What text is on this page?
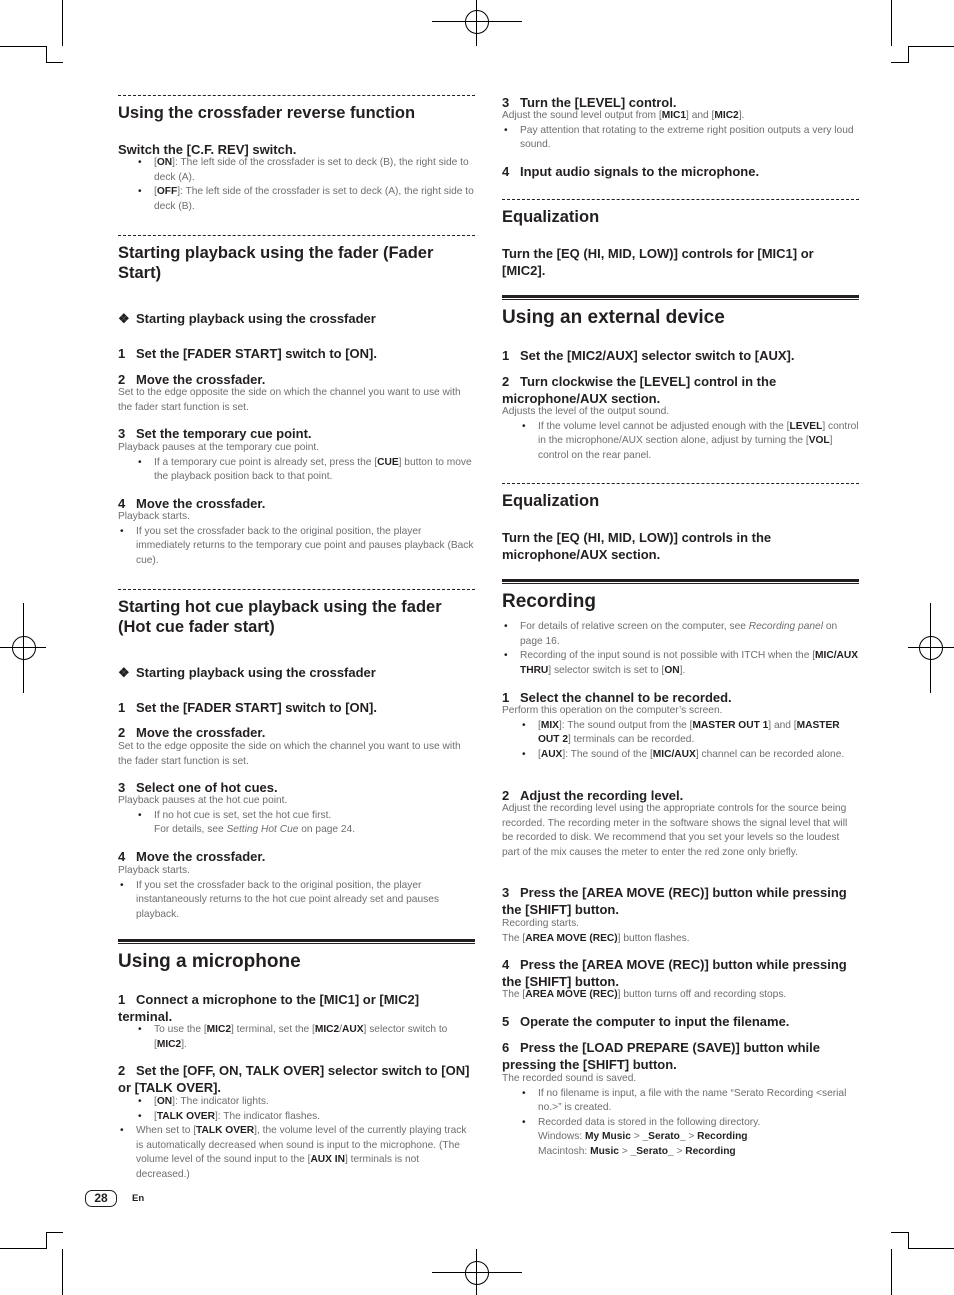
Using the crossfader reverse function
Switch the [C.F. REV] switch.
• [ON]: The left side of the crossfader is set to deck (B), the right side to deck (A).
• [OFF]: The left side of the crossfader is set to deck (A), the right side to deck (B).
Starting playback using the fader (Fader Start)
❖ Starting playback using the crossfader
1 Set the [FADER START] switch to [ON].
2 Move the crossfader.
Set to the edge opposite the side on which the channel you want to use with the fader start function is set.
3 Set the temporary cue point.
Playback pauses at the temporary cue point.
• If a temporary cue point is already set, press the [CUE] button to move the playback position back to that point.
4 Move the crossfader.
Playback starts.
• If you set the crossfader back to the original position, the player immediately returns to the temporary cue point and pauses playback (Back cue).
Starting hot cue playback using the fader (Hot cue fader start)
❖ Starting playback using the crossfader
1 Set the [FADER START] switch to [ON].
2 Move the crossfader.
Set to the edge opposite the side on which the channel you want to use with the fader start function is set.
3 Select one of hot cues.
Playback pauses at the hot cue point.
• If no hot cue is set, set the hot cue first.
For details, see Setting Hot Cue on page 24.
4 Move the crossfader.
Playback starts.
• If you set the crossfader back to the original position, the player instantaneously returns to the hot cue point already set and pauses playback.
Using a microphone
1 Connect a microphone to the [MIC1] or [MIC2] terminal.
• To use the [MIC2] terminal, set the [MIC2/AUX] selector switch to [MIC2].
2 Set the [OFF, ON, TALK OVER] selector switch to [ON] or [TALK OVER].
• [ON]: The indicator lights.
• [TALK OVER]: The indicator flashes.
• When set to [TALK OVER], the volume level of the currently playing track is automatically decreased when sound is input to the microphone. (The volume level of the sound input to the [AUX IN] terminals is not decreased.)
3 Turn the [LEVEL] control.
Adjust the sound level output from [MIC1] and [MIC2].
• Pay attention that rotating to the extreme right position outputs a very loud sound.
4 Input audio signals to the microphone.
Equalization
Turn the [EQ (HI, MID, LOW)] controls for [MIC1] or [MIC2].
Using an external device
1 Set the [MIC2/AUX] selector switch to [AUX].
2 Turn clockwise the [LEVEL] control in the microphone/AUX section.
Adjusts the level of the output sound.
• If the volume level cannot be adjusted enough with the [LEVEL] control in the microphone/AUX section alone, adjust by turning the [VOL] control on the rear panel.
Equalization
Turn the [EQ (HI, MID, LOW)] controls in the microphone/AUX section.
Recording
• For details of relative screen on the computer, see Recording panel on page 16.
• Recording of the input sound is not possible with ITCH when the [MIC/AUX THRU] selector switch is set to [ON].
1 Select the channel to be recorded.
Perform this operation on the computer’s screen.
• [MIX]: The sound output from the [MASTER OUT 1] and [MASTER OUT 2] terminals can be recorded.
• [AUX]: The sound of the [MIC/AUX] channel can be recorded alone.
2 Adjust the recording level.
Adjust the recording level using the appropriate controls for the source being recorded. The recording meter in the software shows the signal level that will be recorded to disk. We recommend that you set your levels so the loudest part of the mix causes the meter to enter the red zone only briefly.
3 Press the [AREA MOVE (REC)] button while pressing the [SHIFT] button.
Recording starts.
The [AREA MOVE (REC)] button flashes.
4 Press the [AREA MOVE (REC)] button while pressing the [SHIFT] button.
The [AREA MOVE (REC)] button turns off and recording stops.
5 Operate the computer to input the filename.
6 Press the [LOAD PREPARE (SAVE)] button while pressing the [SHIFT] button.
The recorded sound is saved.
• If no filename is input, a file with the name “Serato Recording <serial no.>” is created.
• Recorded data is stored in the following directory.
Windows: My Music > _Serato_ > Recording
Macintosh: Music > _Serato_ > Recording
28	En
